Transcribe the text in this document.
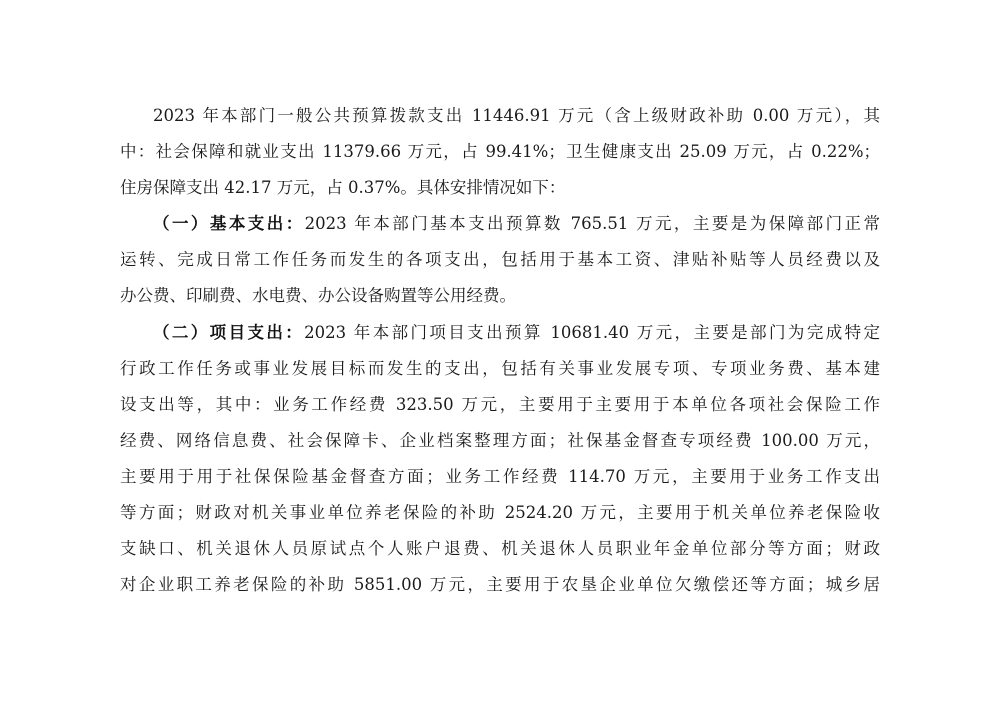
2023 年本部门一般公共预算拨款支出 11446.91 万元（含上级财政补助 0.00 万元），其
中：社会保障和就业支出 11379.66 万元，占 99.41%；卫生健康支出 25.09 万元，占 0.22%；
住房保障支出 42.17 万元，占 0.37%。具体安排情况如下：
（一）基本支出：2023 年本部门基本支出预算数 765.51 万元，主要是为保障部门正常
运转、完成日常工作任务而发生的各项支出，包括用于基本工资、津贴补贴等人员经费以及
办公费、印刷费、水电费、办公设备购置等公用经费。
（二）项目支出：2023 年本部门项目支出预算 10681.40 万元，主要是部门为完成特定
行政工作任务或事业发展目标而发生的支出，包括有关事业发展专项、专项业务费、基本建
设支出等，其中：业务工作经费 323.50 万元，主要用于主要用于本单位各项社会保险工作
经费、网络信息费、社会保障卡、企业档案整理方面；社保基金督查专项经费 100.00 万元，
主要用于用于社保保险基金督查方面；业务工作经费 114.70 万元，主要用于业务工作支出
等方面；财政对机关事业单位养老保险的补助 2524.20 万元，主要用于机关单位养老保险收
支缺口、机关退休人员原试点个人账户退费、机关退休人员职业年金单位部分等方面；财政
对企业职工养老保险的补助 5851.00 万元，主要用于农垦企业单位欠缴偿还等方面；城乡居
